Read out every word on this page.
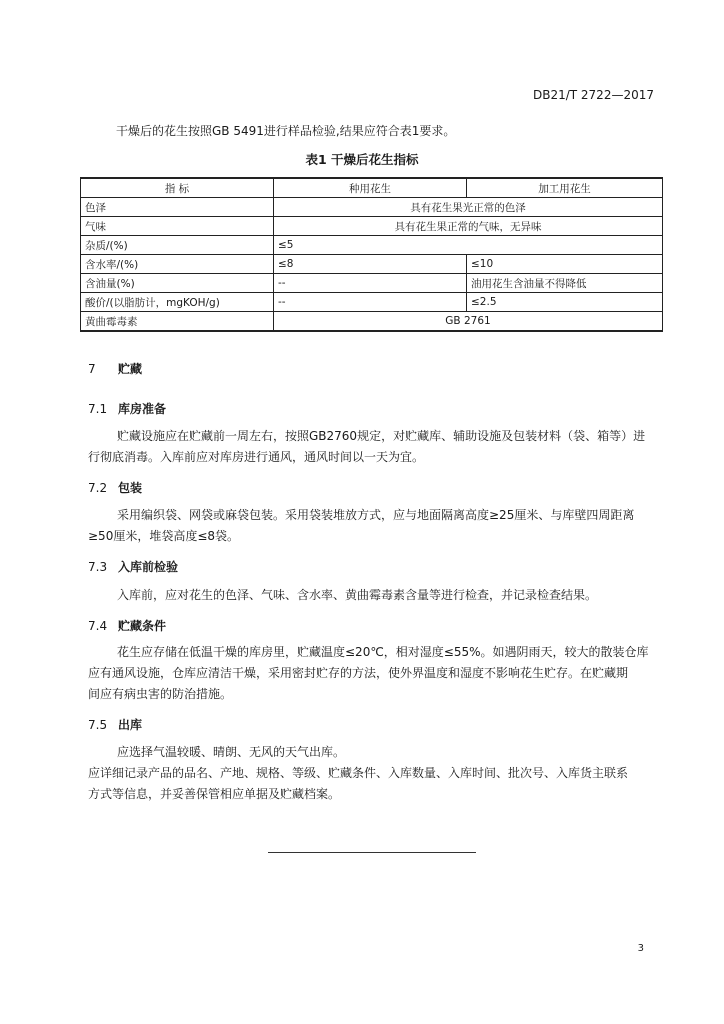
DB21/T 2722—2017
干燥后的花生按照GB 5491进行样品检验,结果应符合表1要求。
表1 干燥后花生指标
指 标	种用花生	加工用花生
色泽	具有花生果光正常的色泽	
气味	具有花生果正常的气味，无异味	
杂质/(%)	≤5	
含水率/(%)	≤8	≤10
含油量(%)	--	油用花生含油量不得降低
酸价/(以脂肪计，mgKOH/g)	--	≤2.5
黄曲霉毒素	GB 2761	
7 贮藏
7.1 库房准备

贮藏设施应在贮藏前一周左右，按照GB2760规定，对贮藏库、辅助设施及包装材料（袋、箱等）进

行彻底消毒。入库前应对库房进行通风，通风时间以一天为宜。

7.2 包装

采用编织袋、网袋或麻袋包装。采用袋装堆放方式，应与地面隔离高度≥25厘米、与库壁四周距离

≥50厘米，堆袋高度≤8袋。

7.3 入库前检验

入库前，应对花生的色泽、气味、含水率、黄曲霉毒素含量等进行检查，并记录检查结果。

7.4 贮藏条件

花生应存储在低温干燥的库房里，贮藏温度≤20℃，相对湿度≤55%。如遇阴雨天，较大的散装仓库

应有通风设施，仓库应清洁干燥，采用密封贮存的方法，使外界温度和湿度不影响花生贮存。在贮藏期

间应有病虫害的防治措施。

7.5 出库

应选择气温较暖、晴朗、无风的天气出库。

应详细记录产品的品名、产地、规格、等级、贮藏条件、入库数量、入库时间、批次号、入库货主联系

方式等信息，并妥善保管相应单据及贮藏档案。

3
